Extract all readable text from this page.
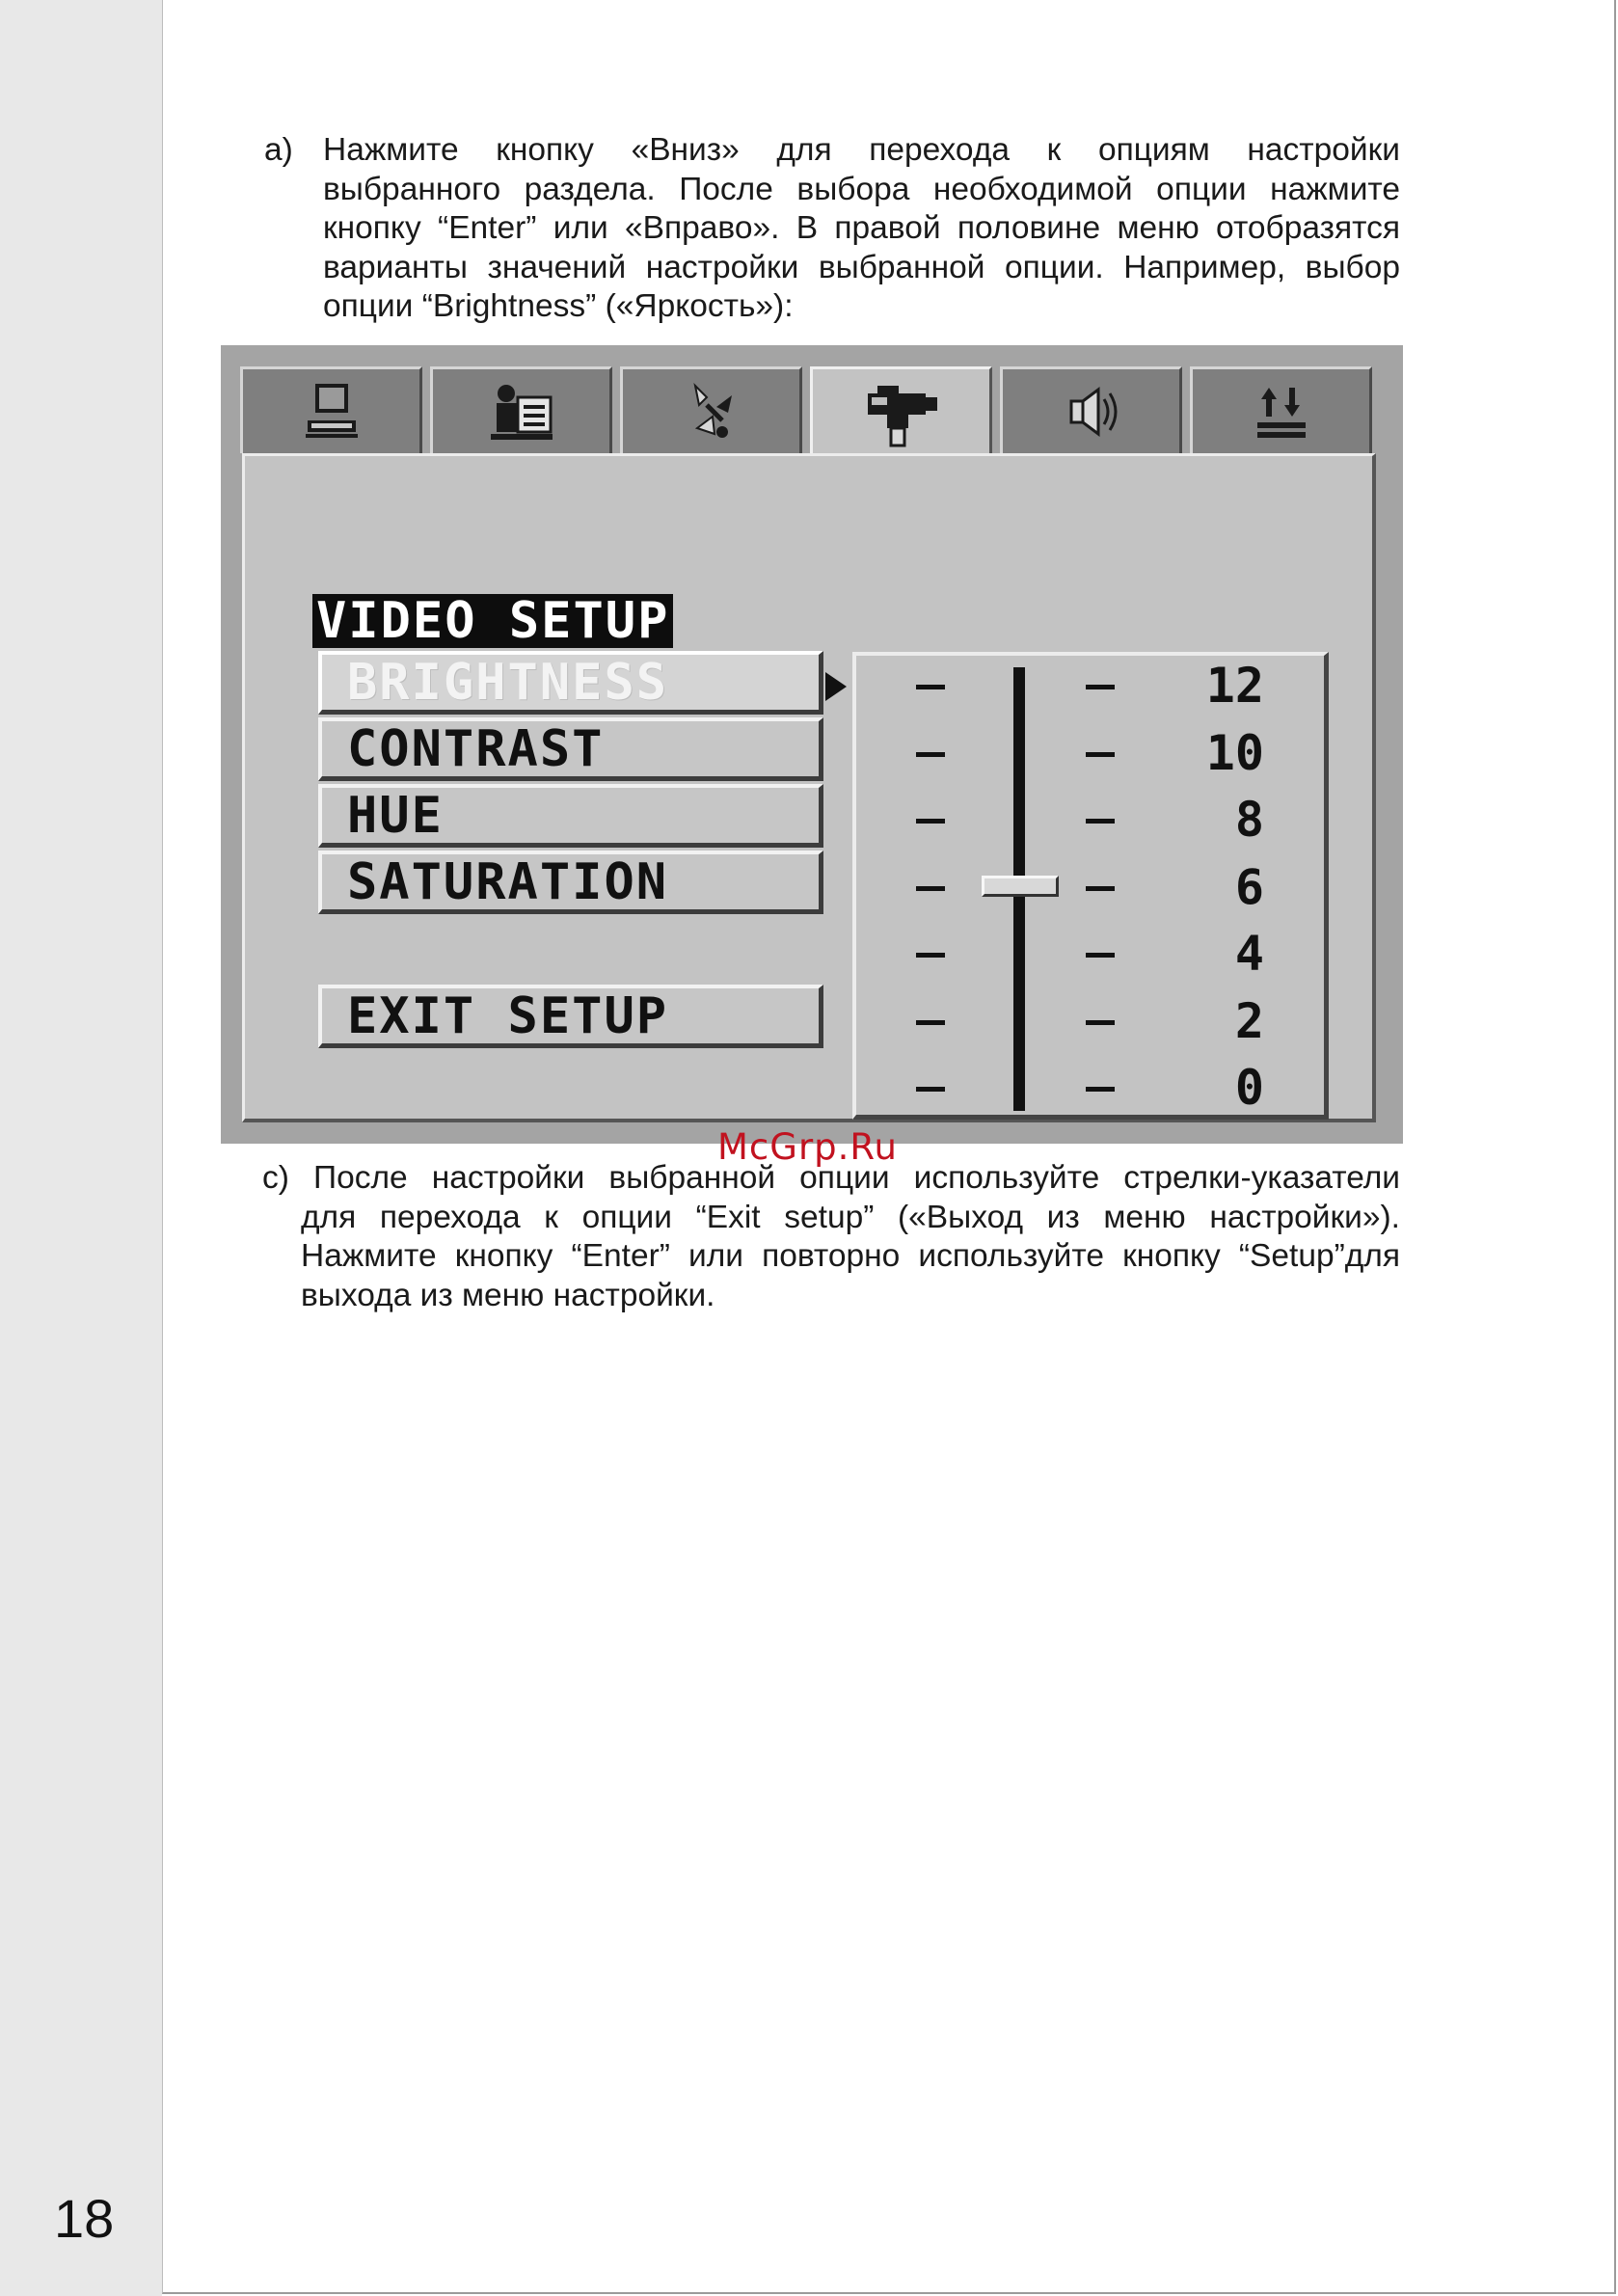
18
а) Нажмите кнопку «Вниз» для перехода к опциям настройки
выбранного раздела. После выбора необходимой опции нажмите
кнопку “Enter” или «Вправо». В правой половине меню отобразятся
варианты значений настройки выбранной опции. Например, выбор
опции “Brightness” («Яркость»):
VIDEO SETUP
BRIGHTNESS
CONTRAST
HUE
SATURATION
EXIT SETUP
12
10
8
6
4
2
0
McGrp.Ru
c) После настройки выбранной опции используйте стрелки-указатели
для перехода к опции “Exit setup” («Выход из меню настройки»).
Нажмите кнопку “Enter” или повторно используйте кнопку “Setup”для
выхода из меню настройки.
